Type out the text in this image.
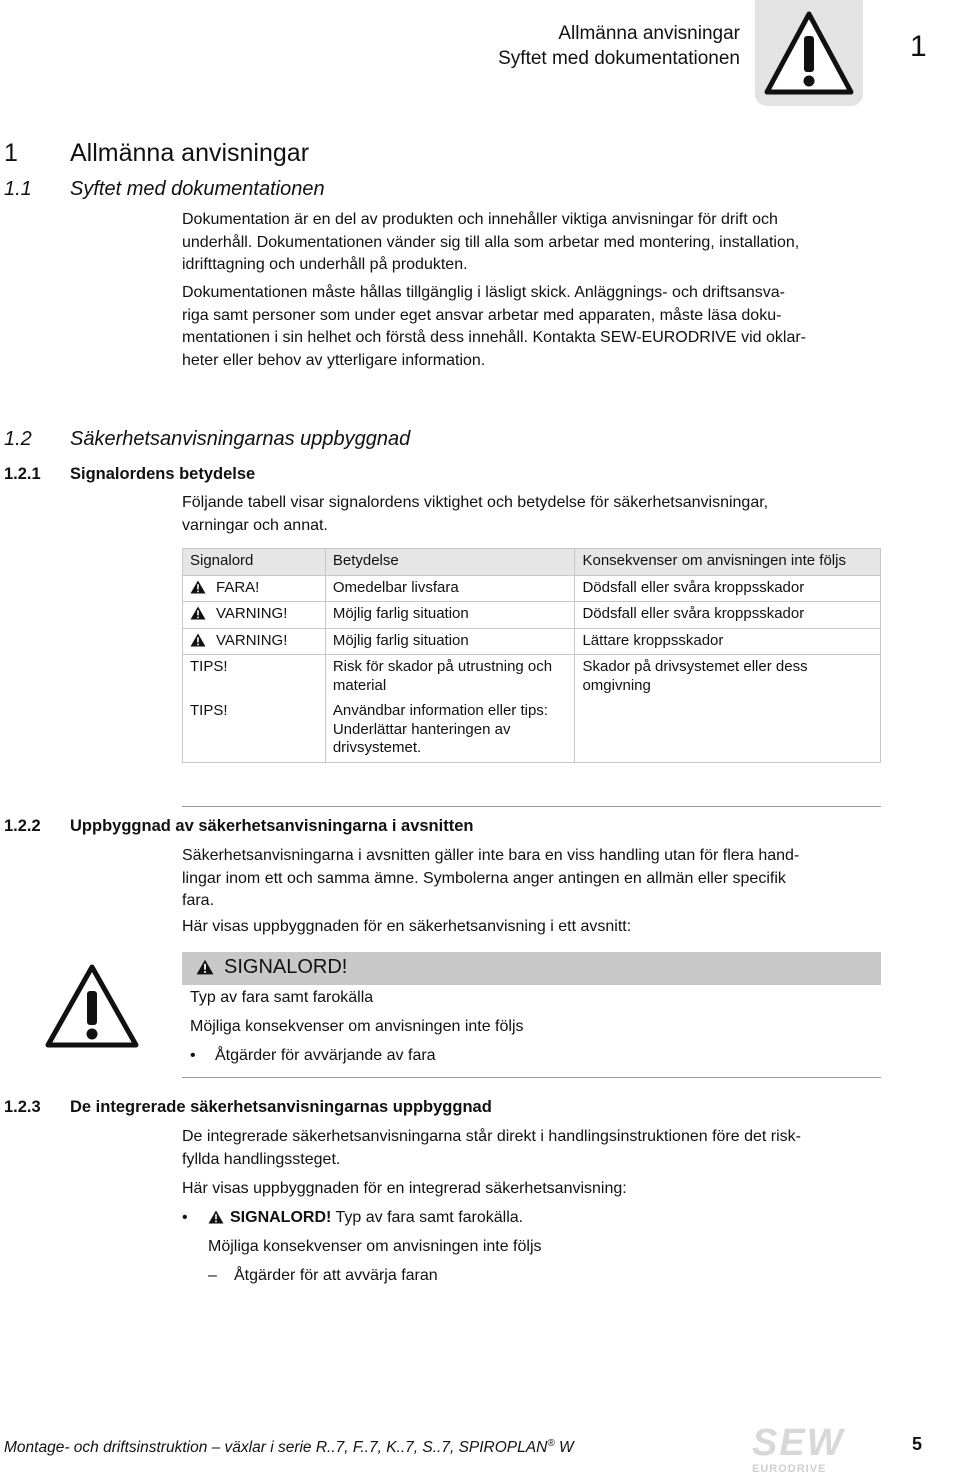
Allmänna anvisningar
Syftet med dokumentationen	1
1 Allmänna anvisningar
1.1 Syftet med dokumentationen
Dokumentation är en del av produkten och innehåller viktiga anvisningar för drift och
underhåll. Dokumentationen vänder sig till alla som arbetar med montering, installation,
idrifttagning och underhåll på produkten.
Dokumentationen måste hållas tillgänglig i läsligt skick. Anläggnings- och driftsansva-
riga samt personer som under eget ansvar arbetar med apparaten, måste läsa doku-
mentationen i sin helhet och förstå dess innehåll. Kontakta SEW-EURODRIVE vid oklar-
heter eller behov av ytterligare information.
1.2 Säkerhetsanvisningarnas uppbyggnad
1.2.1 Signalordens betydelse
Följande tabell visar signalordens viktighet och betydelse för säkerhetsanvisningar,
varningar och annat.
Signalord	Betydelse	Konsekvenser om anvisningen inte följs
FARA!	Omedelbar livsfara	Dödsfall eller svåra kroppsskador
VARNING!	Möjlig farlig situation	Dödsfall eller svåra kroppsskador
VARNING!	Möjlig farlig situation	Lättare kroppsskador
TIPS!	Risk för skador på utrustning och material	Skador på drivsystemet eller dess omgivning
TIPS!	Användbar information eller tips: Underlättar hanteringen av drivsystemet.	
1.2.2 Uppbyggnad av säkerhetsanvisningarna i avsnitten
Säkerhetsanvisningarna i avsnitten gäller inte bara en viss handling utan för flera hand-
lingar inom ett och samma ämne. Symbolerna anger antingen en allmän eller specifik
fara.
Här visas uppbyggnaden för en säkerhetsanvisning i ett avsnitt:
SIGNALORD!
Typ av fara samt farokälla
Möjliga konsekvenser om anvisningen inte följs
• Åtgärder för avvärjande av fara
1.2.3 De integrerade säkerhetsanvisningarnas uppbyggnad
De integrerade säkerhetsanvisningarna står direkt i handlingsinstruktionen före det risk-
fyllda handlingssteget.
Här visas uppbyggnaden för en integrerad säkerhetsanvisning:
•	SIGNALORD! Typ av fara samt farokälla.
Möjliga konsekvenser om anvisningen inte följs
– Åtgärder för att avvärja faran
Montage- och driftsinstruktion – växlar i serie R..7, F..7, K..7, S..7, SPIROPLAN® W	SEW
EURODRIVE
5
